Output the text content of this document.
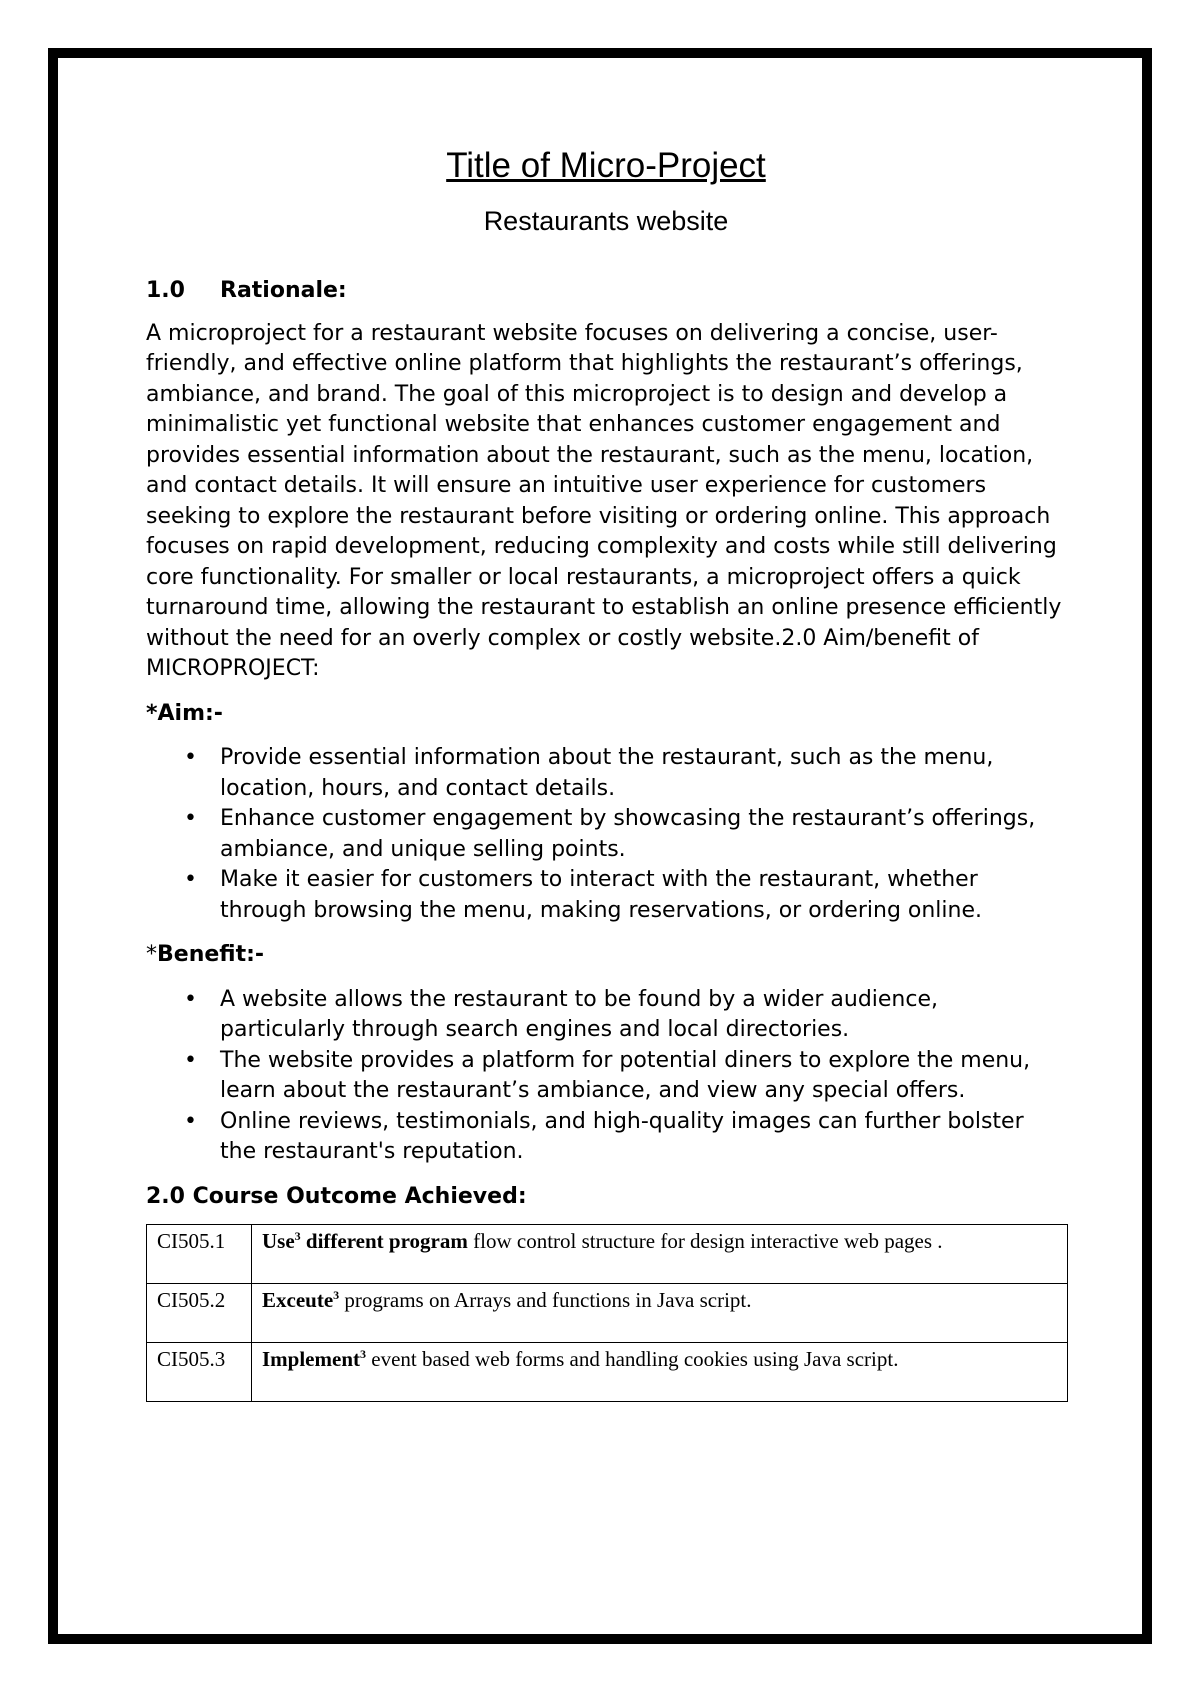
Title of Micro-Project
Restaurants website
1.0 Rationale:

A microproject for a restaurant website focuses on delivering a concise, user-friendly, and effective online platform that highlights the restaurant’s offerings, ambiance, and brand. The goal of this microproject is to design and develop a minimalistic yet functional website that enhances customer engagement and provides essential information about the restaurant, such as the menu, location, and contact details. It will ensure an intuitive user experience for customers seeking to explore the restaurant before visiting or ordering online. This approach focuses on rapid development, reducing complexity and costs while still delivering core functionality. For smaller or local restaurants, a microproject offers a quick turnaround time, allowing the restaurant to establish an online presence efficiently without the need for an overly complex or costly website.2.0 Aim/benefit of MICROPROJECT:

*Aim:-
• Provide essential information about the restaurant, such as the menu, location, hours, and contact details.
• Enhance customer engagement by showcasing the restaurant’s offerings, ambiance, and unique selling points.
• Make it easier for customers to interact with the restaurant, whether through browsing the menu, making reservations, or ordering online.
*Benefit:-
• A website allows the restaurant to be found by a wider audience, particularly through search engines and local directories.
• The website provides a platform for potential diners to explore the menu, learn about the restaurant’s ambiance, and view any special offers.
• Online reviews, testimonials, and high-quality images can further bolster the restaurant's reputation.
2.0 Course Outcome Achieved:
CI505.1	Use$^3$ different program flow control structure for design interactive web pages .
CI505.2	Exceute$^3$ programs on Arrays and functions in Java script.
CI505.3	Implement$^3$ event based web forms and handling cookies using Java script.
